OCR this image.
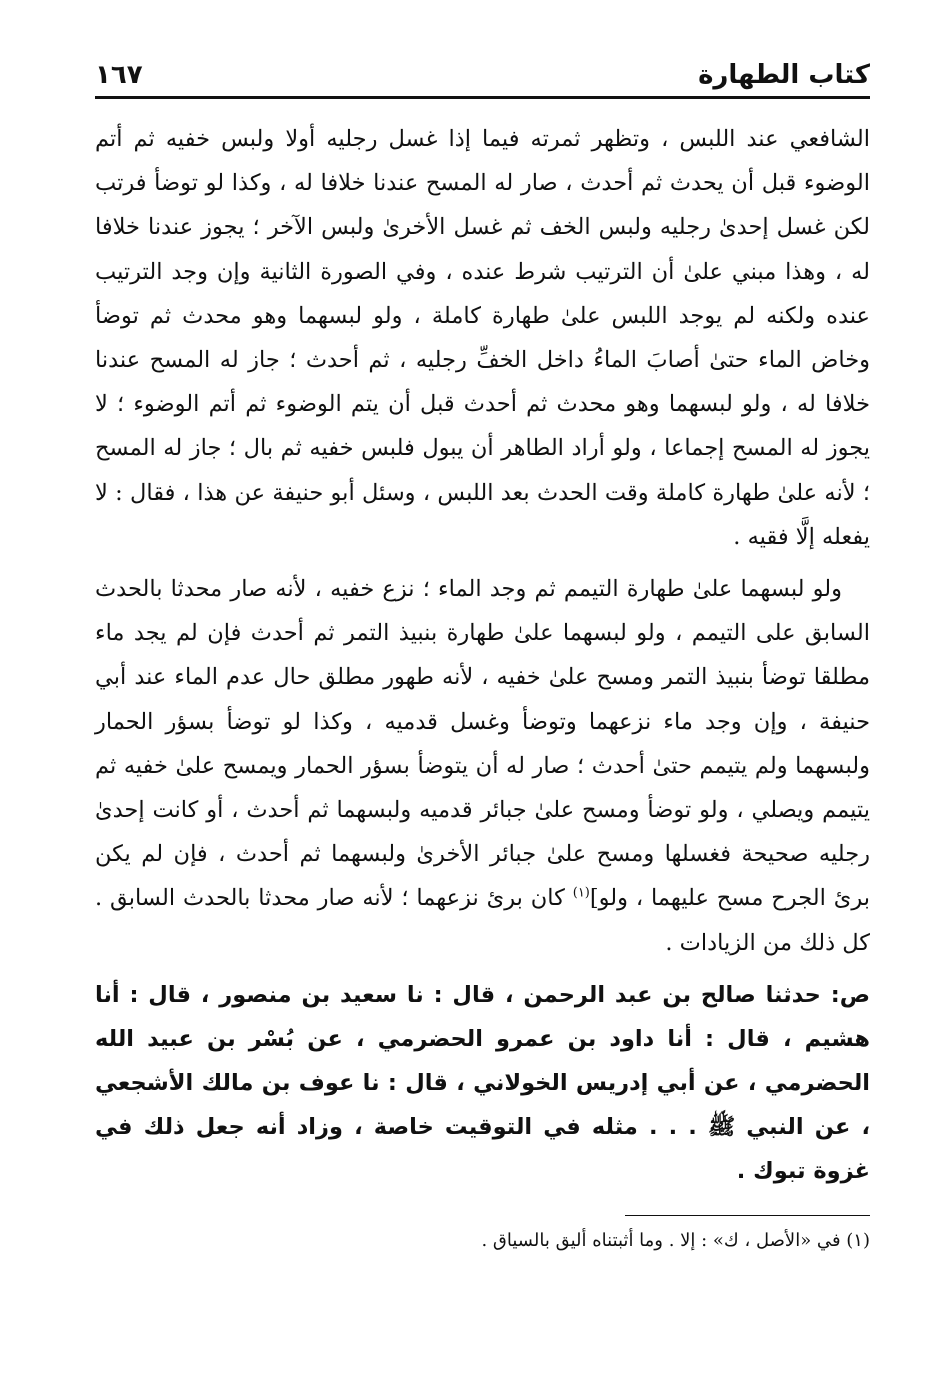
كتاب الطهارة
١٦٧

الشافعي عند اللبس ، وتظهر ثمرته فيما إذا غسل رجليه أولا ولبس خفيه ثم أتم الوضوء قبل أن يحدث ثم أحدث ، صار له المسح عندنا خلافا له ، وكذا لو توضأ فرتب لكن غسل إحدىٰ رجليه ولبس الخف ثم غسل الأخرىٰ ولبس الآخر ؛ يجوز عندنا خلافا له ، وهذا مبني علىٰ أن الترتيب شرط عنده ، وفي الصورة الثانية وإن وجد الترتيب عنده ولكنه لم يوجد اللبس علىٰ طهارة كاملة ، ولو لبسهما وهو محدث ثم توضأ وخاض الماء حتىٰ أصابَ الماءُ داخل الخفِّ رجليه ، ثم أحدث ؛ جاز له المسح عندنا خلافا له ، ولو لبسهما وهو محدث ثم أحدث قبل أن يتم الوضوء ثم أتم الوضوء ؛ لا يجوز له المسح إجماعا ، ولو أراد الطاهر أن يبول فلبس خفيه ثم بال ؛ جاز له المسح ؛ لأنه علىٰ طهارة كاملة وقت الحدث بعد اللبس ، وسئل أبو حنيفة عن هذا ، فقال : لا يفعله إلَّا فقيه .

ولو لبسهما علىٰ طهارة التيمم ثم وجد الماء ؛ نزع خفيه ، لأنه صار محدثا بالحدث السابق على التيمم ، ولو لبسهما علىٰ طهارة بنبيذ التمر ثم أحدث فإن لم يجد ماء مطلقا توضأ بنبيذ التمر ومسح علىٰ خفيه ، لأنه طهور مطلق حال عدم الماء عند أبي حنيفة ، وإن وجد ماء نزعهما وتوضأ وغسل قدميه ، وكذا لو توضأ بسؤر الحمار ولبسهما ولم يتيمم حتىٰ أحدث ؛ صار له أن يتوضأ بسؤر الحمار ويمسح علىٰ خفيه ثم يتيمم ويصلي ، ولو توضأ ومسح علىٰ جبائر قدميه ولبسهما ثم أحدث ، أو كانت إحدىٰ رجليه صحيحة فغسلها ومسح علىٰ جبائر الأخرىٰ ولبسهما ثم أحدث ، فإن لم يكن برئ الجرح مسح عليهما ، ولو]$^{(١)}$ كان برئ نزعهما ؛ لأنه صار محدثا بالحدث السابق . كل ذلك من الزيادات .

ص: حدثنا صالح بن عبد الرحمن ، قال : نا سعيد بن منصور ، قال : أنا هشيم ، قال : أنا داود بن عمرو الحضرمي ، عن بُسْر بن عبيد الله الحضرمي ، عن أبي إدريس الخولاني ، قال : نا عوف بن مالك الأشجعي ، عن النبي ﷺ . . . مثله في التوقيت خاصة ، وزاد أنه جعل ذلك في غزوة تبوك .

(١) في «الأصل ، ك» : إلا . وما أثبتناه أليق بالسياق .
